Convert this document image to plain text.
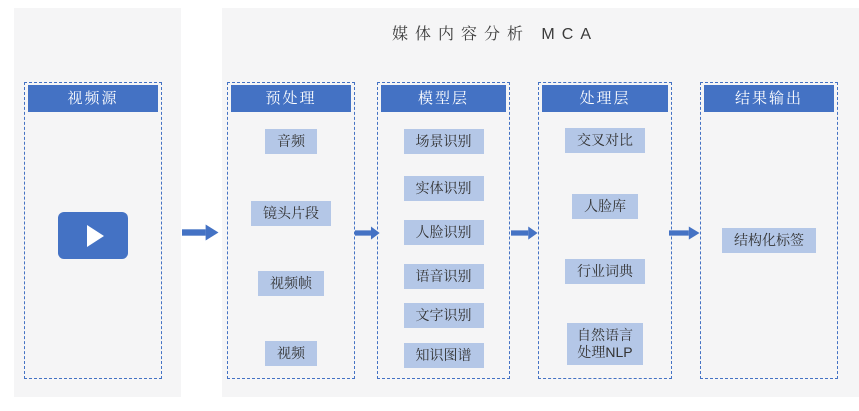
媒体内容分析 MCA
视频源	预处理
音频
镜头片段
视频帧
视频
模型层
场景识别
实体识别
人脸识别
语音识别
文字识别
知识图谱
处理层
交叉对比
人脸库
行业词典
自然语言处理NLP
结果输出
结构化标签
